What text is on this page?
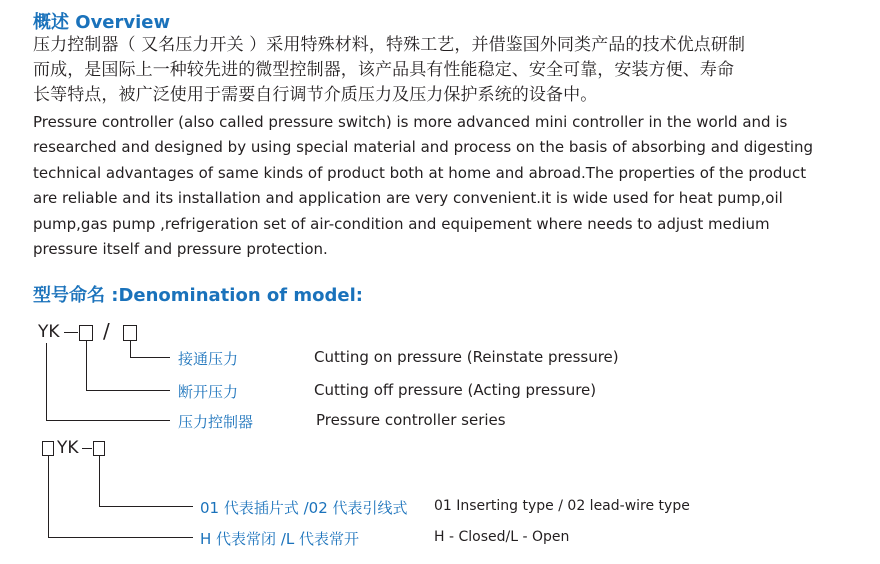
概述 Overview
压力控制器（ 又名压力开关 ）采用特殊材料，特殊工艺，并借鉴国外同类产品的技术优点研制
而成，是国际上一种较先进的微型控制器，该产品具有性能稳定、安全可靠，安装方便、寿命
长等特点，被广泛使用于需要自行调节介质压力及压力保护系统的设备中。
Pressure controller (also called pressure switch) is more advanced mini controller in the world and is
researched and designed by using special material and process on the basis of absorbing and digesting
technical advantages of same kinds of product both at home and abroad.The properties of the product
are reliable and its installation and application are very convenient.it is wide used for heat pump,oil
pump,gas pump ,refrigeration set of air-condition and equipement where needs to adjust medium
pressure itself and pressure protection.
型号命名 :Denomination of model:
YK /
接通压力	Cutting on pressure (Reinstate pressure)
断开压力	Cutting off pressure (Acting pressure)
压力控制器	Pressure controller series
YK
01 代表插片式 /02 代表引线式 01 Inserting type / 02 lead-wire type
H 代表常闭 /L 代表常开	H - Closed/L - Open
